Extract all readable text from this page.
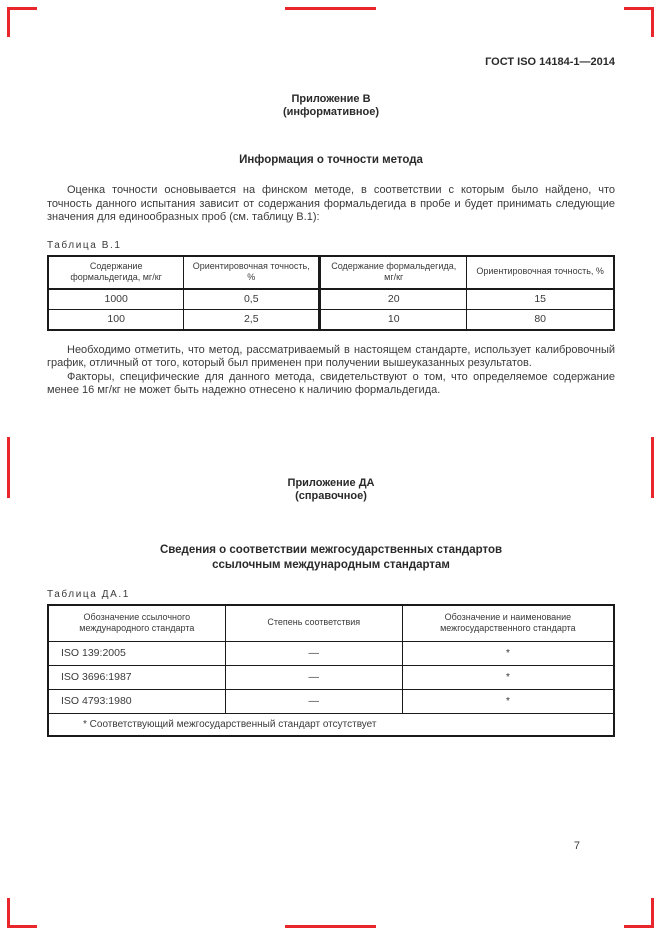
ГОСТ ISO 14184-1—2014
Приложение В
(информативное)
Информация о точности метода

Оценка точности основывается на финском методе, в соответствии с которым было найдено, что точность данного испытания зависит от содержания формальдегида в пробе и будет принимать следующие значения для единообразных проб (см. таблицу В.1):

Таблица В.1
Содержание формальдегида, мг/кг	Ориентировочная точность, %	Содержание формальдегида, мг/кг	Ориентировочная точность, %
1000	0,5	20	15
100	2,5	10	80

Необходимо отметить, что метод, рассматриваемый в настоящем стандарте, использует калибровочный график, отличный от того, который был применен при получении вышеуказанных результатов.

Факторы, специфические для данного метода, свидетельствуют о том, что определяемое содержание менее 16 мг/кг не может быть надежно отнесено к наличию формальдегида.

Приложение ДА
(справочное)
Сведения о соответствии межгосударственных стандартов
ссылочным международным стандартам
Таблица ДА.1
Обозначение ссылочного международного стандарта	Степень соответствия	Обозначение и наименование межгосударственного стандарта
ISO 139:2005	—	*
ISO 3696:1987	—	*
ISO 4793:1980	—	*
* Соответствующий межгосударственный стандарт отсутствует		
7
